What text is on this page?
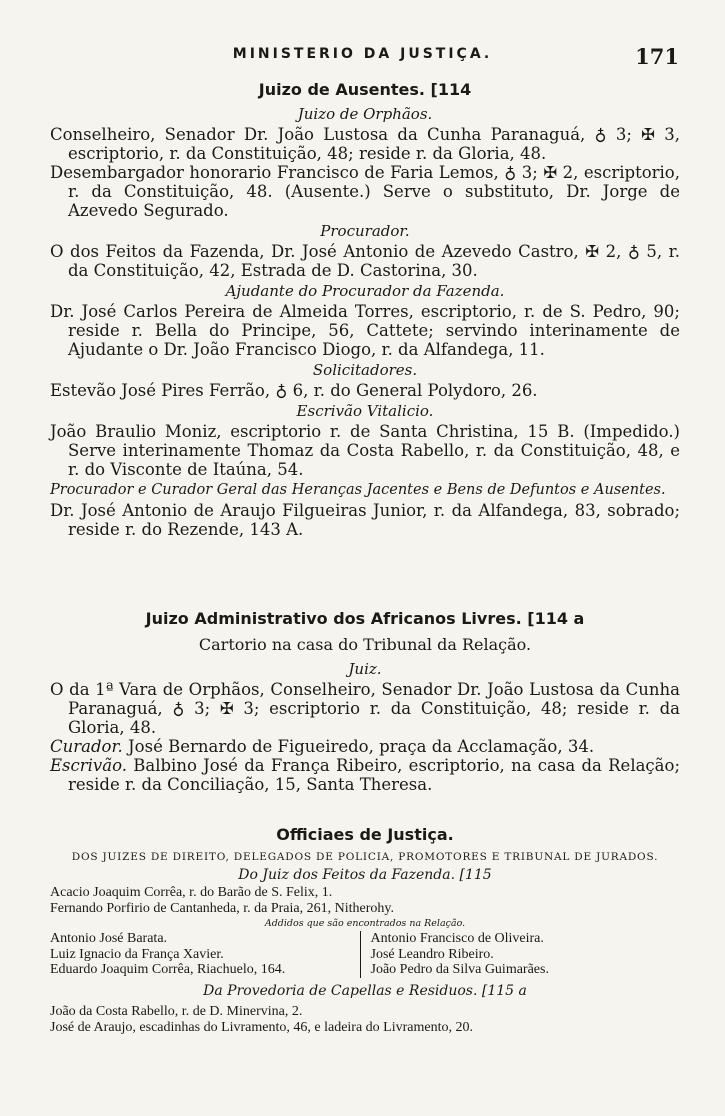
MINISTERIO DA JUSTIÇA.	171
Juizo de Ausentes. [114
Juizo de Orphãos.

Conselheiro, Senador Dr. João Lustosa da Cunha Paranaguá, ♁ 3; ✠ 3, escriptorio, r. da Constituição, 48; reside r. da Gloria, 48.

Desembargador honorario Francisco de Faria Lemos, ♁ 3; ✠ 2, escriptorio, r. da Constituição, 48. (Ausente.) Serve o substituto, Dr. Jorge de Azevedo Segurado.

Procurador.

O dos Feitos da Fazenda, Dr. José Antonio de Azevedo Castro, ✠ 2, ♁ 5, r. da Constituição, 42, Estrada de D. Castorina, 30.

Ajudante do Procurador da Fazenda.

Dr. José Carlos Pereira de Almeida Torres, escriptorio, r. de S. Pedro, 90; reside r. Bella do Principe, 56, Cattete; servindo interinamente de Ajudante o Dr. João Francisco Diogo, r. da Alfandega, 11.

Solicitadores.

Estevão José Pires Ferrão, ♁ 6, r. do General Polydoro, 26.

Escrivão Vitalicio.

João Braulio Moniz, escriptorio r. de Santa Christina, 15 B. (Impedido.) Serve interinamente Thomaz da Costa Rabello, r. da Constituição, 48, e r. do Visconte de Itaúna, 54.

Procurador e Curador Geral das Heranças Jacentes e Bens de Defuntos e Ausentes.

Dr. José Antonio de Araujo Filgueiras Junior, r. da Alfandega, 83, sobrado; reside r. do Rezende, 143 A.

Juizo Administrativo dos Africanos Livres. [114 a
Cartorio na casa do Tribunal da Relação.
Juiz.

O da 1ª Vara de Orphãos, Conselheiro, Senador Dr. João Lustosa da Cunha Paranaguá, ♁ 3; ✠ 3; escriptorio r. da Constituição, 48; reside r. da Gloria, 48.

Curador. José Bernardo de Figueiredo, praça da Acclamação, 34.

Escrivão. Balbino José da França Ribeiro, escriptorio, na casa da Relação; reside r. da Conciliação, 15, Santa Theresa.

Officiaes de Justiça.
DOS JUIZES DE DIREITO, DELEGADOS DE POLICIA, PROMOTORES E TRIBUNAL DE JURADOS.
Do Juiz dos Feitos da Fazenda. [115

Acacio Joaquim Corrêa, r. do Barão de S. Felix, 1.

Fernando Porfirio de Cantanheda, r. da Praia, 261, Nitherohy.

Addidos que são encontrados na Relação.
Antonio José Barata.
Luiz Ignacio da França Xavier.
Eduardo Joaquim Corrêa, Riachuelo, 164.
Antonio Francisco de Oliveira.
José Leandro Ribeiro.
João Pedro da Silva Guimarães.
Da Provedoria de Capellas e Residuos. [115 a

João da Costa Rabello, r. de D. Minervina, 2.

José de Araujo, escadinhas do Livramento, 46, e ladeira do Livramento, 20.
